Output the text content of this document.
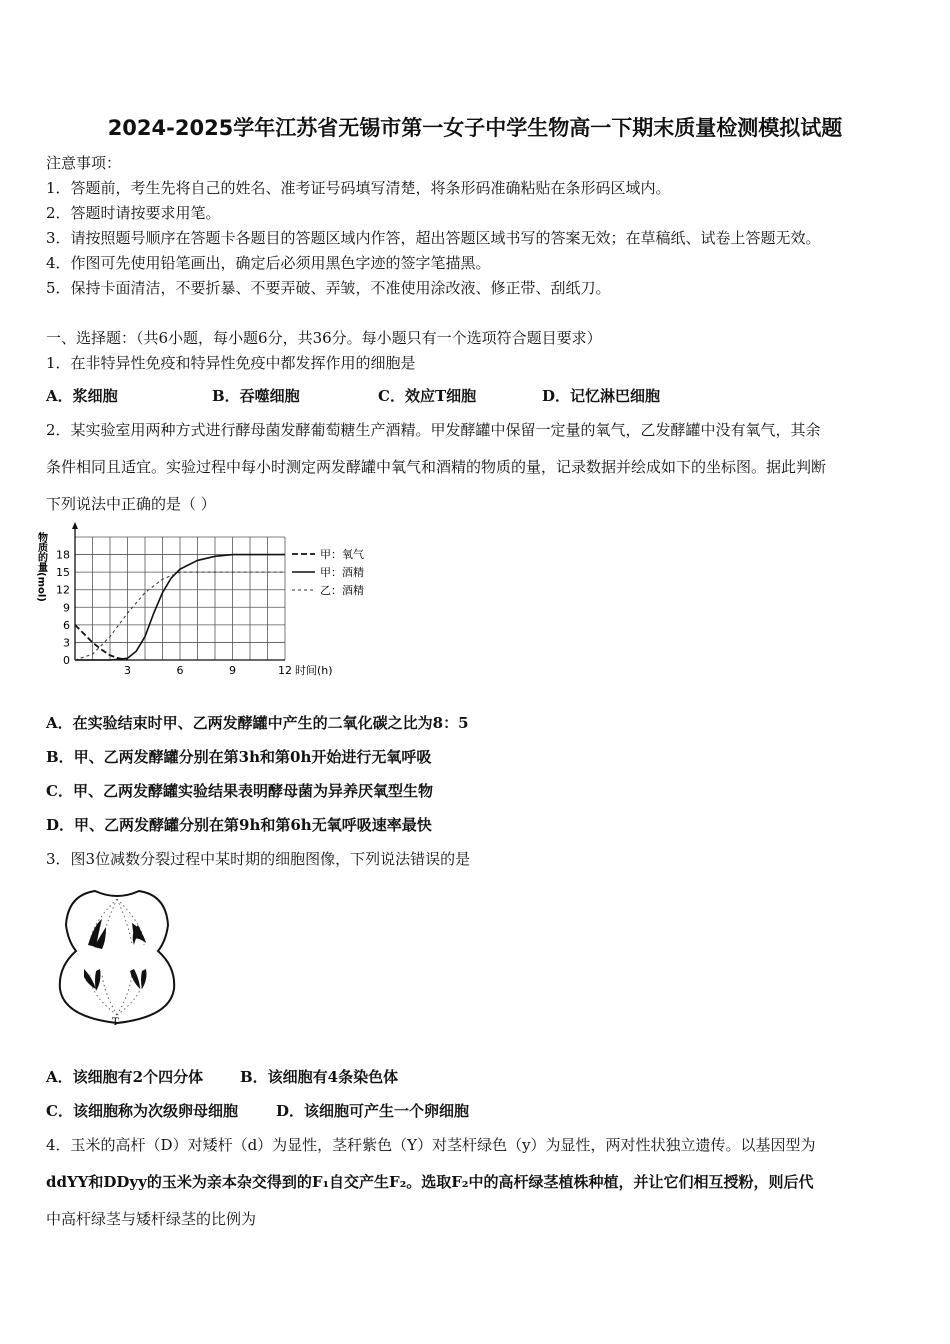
2024-2025学年江苏省无锡市第一女子中学生物高一下期末质量检测模拟试题
注意事项：
1．答题前，考生先将自己的姓名、准考证号码填写清楚，将条形码准确粘贴在条形码区域内。
2．答题时请按要求用笔。
3．请按照题号顺序在答题卡各题目的答题区域内作答，超出答题区域书写的答案无效；在草稿纸、试卷上答题无效。
4．作图可先使用铅笔画出，确定后必须用黑色字迹的签字笔描黑。
5．保持卡面清洁，不要折暴、不要弄破、弄皱，不准使用涂改液、修正带、刮纸刀。
一、选择题：（共6小题，每小题6分，共36分。每小题只有一个选项符合题目要求）
1．在非特异性免疫和特异性免疫中都发挥作用的细胞是
A．浆细胞	B．吞噬细胞	C．效应T细胞	D．记忆淋巴细胞
2．某实验室用两种方式进行酵母菌发酵葡萄糖生产酒精。甲发酵罐中保留一定量的氧气，乙发酵罐中没有氧气，其余
条件相同且适宜。实验过程中每小时测定两发酵罐中氧气和酒精的物质的量，记录数据并绘成如下的坐标图。据此判断
下列说法中正确的是（ ）
物质的量(mol)
0
3
6
9
12
15
18
3	6	9	12 时间(h)
甲：氧气
甲：酒精
乙：酒精
A．在实验结束时甲、乙两发酵罐中产生的二氧化碳之比为8：5
B．甲、乙两发酵罐分别在第3h和第0h开始进行无氧呼吸
C．甲、乙两发酵罐实验结果表明酵母菌为异养厌氧型生物
D．甲、乙两发酵罐分别在第9h和第6h无氧呼吸速率最快
3．图3位减数分裂过程中某时期的细胞图像，下列说法错误的是
T
A．该细胞有2个四分体 B．该细胞有4条染色体
C．该细胞称为次级卵母细胞	D．该细胞可产生一个卵细胞
4．玉米的高杆（D）对矮杆（d）为显性，茎秆紫色（Y）对茎杆绿色（y）为显性，两对性状独立遗传。以基因型为
ddYY和DDyy的玉米为亲本杂交得到的F₁自交产生F₂。选取F₂中的高杆绿茎植株种植，并让它们相互授粉，则后代
中高杆绿茎与矮杆绿茎的比例为
